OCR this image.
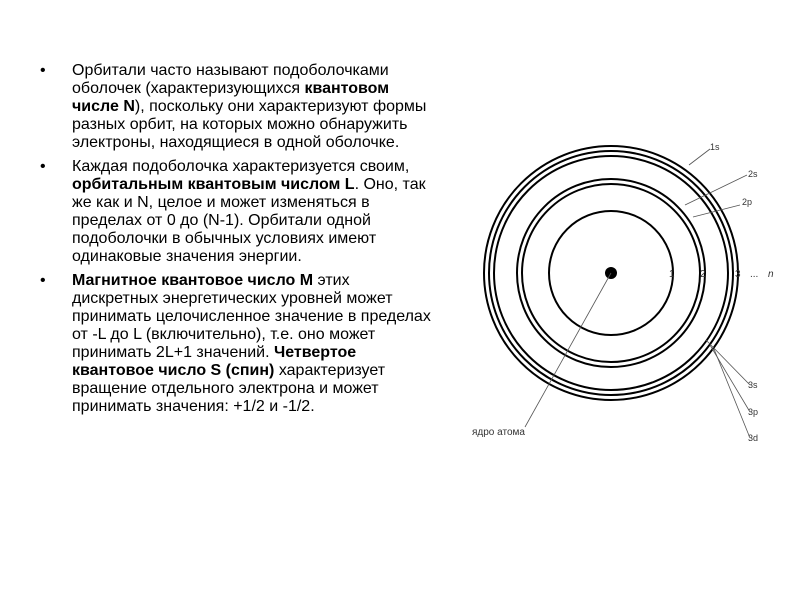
• Орбитали часто называют подоболочками оболочек (характеризующихся квантовом числе N), поскольку они характеризуют формы разных орбит, на которых можно обнаружить электроны, находящиеся в одной оболочке.
• Каждая подоболочка характеризуется своим, орбитальным квантовым числом L. Оно, так же как и N, целое и может изменяться в пределах от 0 до (N-1). Орбитали одной подоболочки в обычных условиях имеют одинаковые значения энергии.
• Магнитное квантовое число М этих дискретных энергетических уровней может принимать целочисленное значение в пределах от -L до L (включительно), т.е. оно может принимать 2L+1 значений. Четвертое квантовое число S (спин) характеризует вращение отдельного электрона и может принимать значения: +1/2 и -1/2.
1s
2s
2p
3s
3p
3d
1	2	3 ... n
ядро атома
